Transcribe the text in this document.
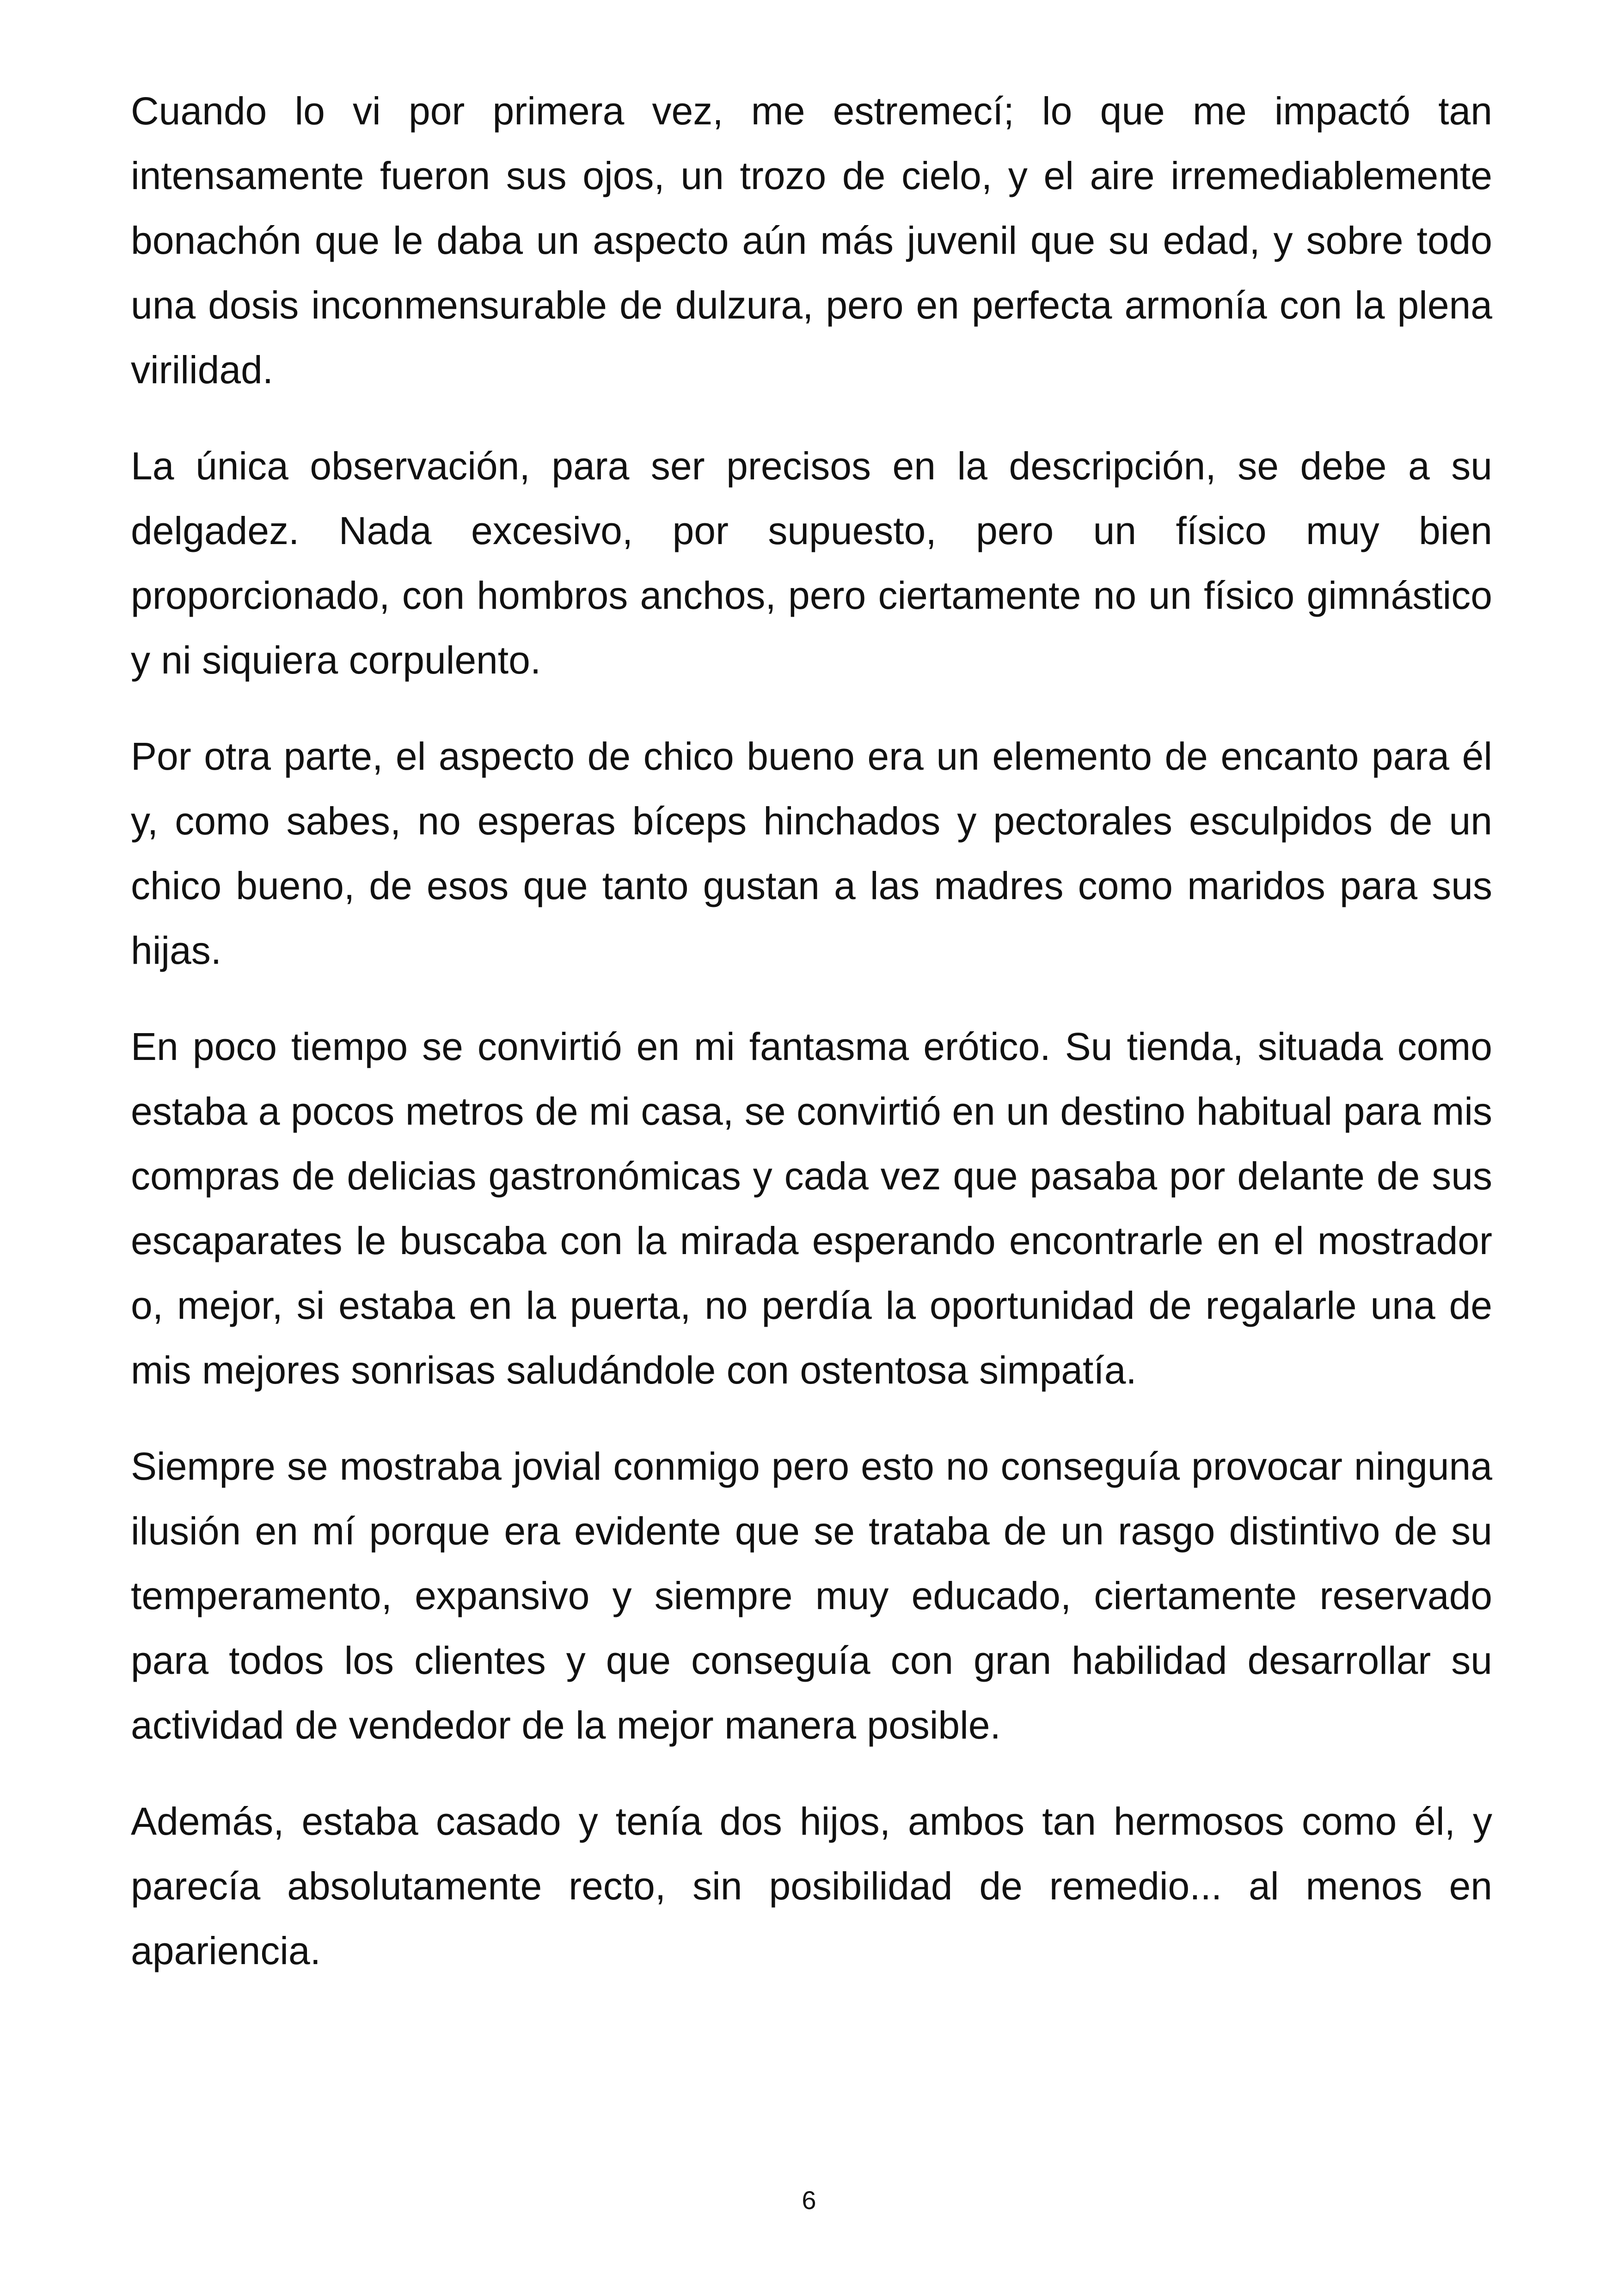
Cuando lo vi por primera vez, me estremecí; lo que me impactó tan intensamente fueron sus ojos, un trozo de cielo, y el aire irremediablemente bonachón que le daba un aspecto aún más juvenil que su edad, y sobre todo una dosis inconmensurable de dulzura, pero en perfecta armonía con la plena virilidad.

La única observación, para ser precisos en la descripción, se debe a su delgadez. Nada excesivo, por supuesto, pero un físico muy bien proporcionado, con hombros anchos, pero ciertamente no un físico gimnástico y ni siquiera corpulento.

Por otra parte, el aspecto de chico bueno era un elemento de encanto para él y, como sabes, no esperas bíceps hinchados y pectorales esculpidos de un chico bueno, de esos que tanto gustan a las madres como maridos para sus hijas.

En poco tiempo se convirtió en mi fantasma erótico. Su tienda, situada como estaba a pocos metros de mi casa, se convirtió en un destino habitual para mis compras de delicias gastronómicas y cada vez que pasaba por delante de sus escaparates le buscaba con la mirada esperando encontrarle en el mostrador o, mejor, si estaba en la puerta, no perdía la oportunidad de regalarle una de mis mejores sonrisas saludándole con ostentosa simpatía.

Siempre se mostraba jovial conmigo pero esto no conseguía provocar ninguna ilusión en mí porque era evidente que se trataba de un rasgo distintivo de su temperamento, expansivo y siempre muy educado, ciertamente reservado para todos los clientes y que conseguía con gran habilidad desarrollar su actividad de vendedor de la mejor manera posible.

Además, estaba casado y tenía dos hijos, ambos tan hermosos como él, y parecía absolutamente recto, sin posibilidad de remedio... al menos en apariencia.

6
